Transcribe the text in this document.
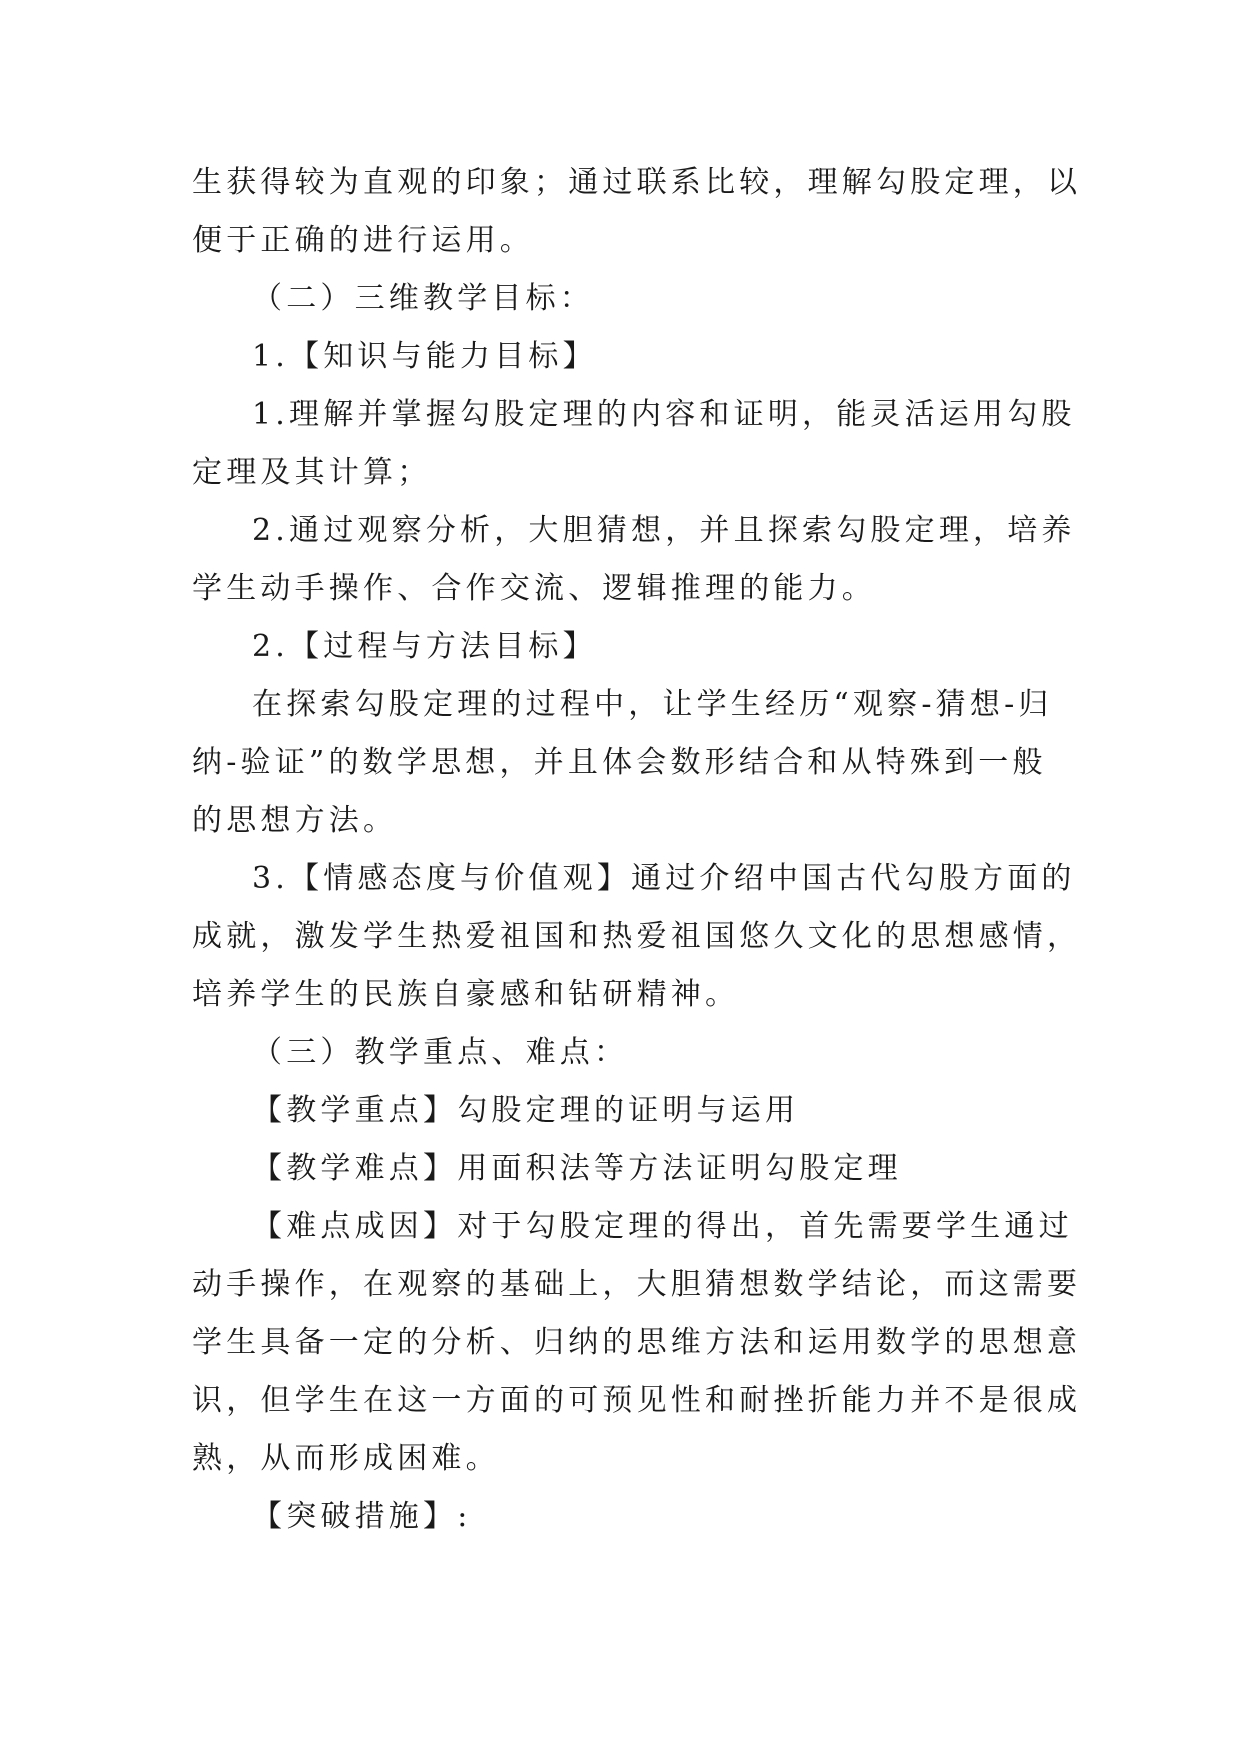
生获得较为直观的印象；通过联系比较，理解勾股定理，以
便于正确的进行运用。
（二）三维教学目标：
1.【知识与能力目标】
1.理解并掌握勾股定理的内容和证明，能灵活运用勾股
定理及其计算；
2.通过观察分析，大胆猜想，并且探索勾股定理，培养
学生动手操作、合作交流、逻辑推理的能力。
2.【过程与方法目标】
在探索勾股定理的过程中，让学生经历“观察-猜想-归
纳-验证”的数学思想，并且体会数形结合和从特殊到一般
的思想方法。
3.【情感态度与价值观】通过介绍中国古代勾股方面的
成就，激发学生热爱祖国和热爱祖国悠久文化的思想感情，
培养学生的民族自豪感和钻研精神。
（三）教学重点、难点：
【教学重点】勾股定理的证明与运用
【教学难点】用面积法等方法证明勾股定理
【难点成因】对于勾股定理的得出，首先需要学生通过
动手操作，在观察的基础上，大胆猜想数学结论，而这需要
学生具备一定的分析、归纳的思维方法和运用数学的思想意
识，但学生在这一方面的可预见性和耐挫折能力并不是很成
熟，从而形成困难。
【突破措施】:
